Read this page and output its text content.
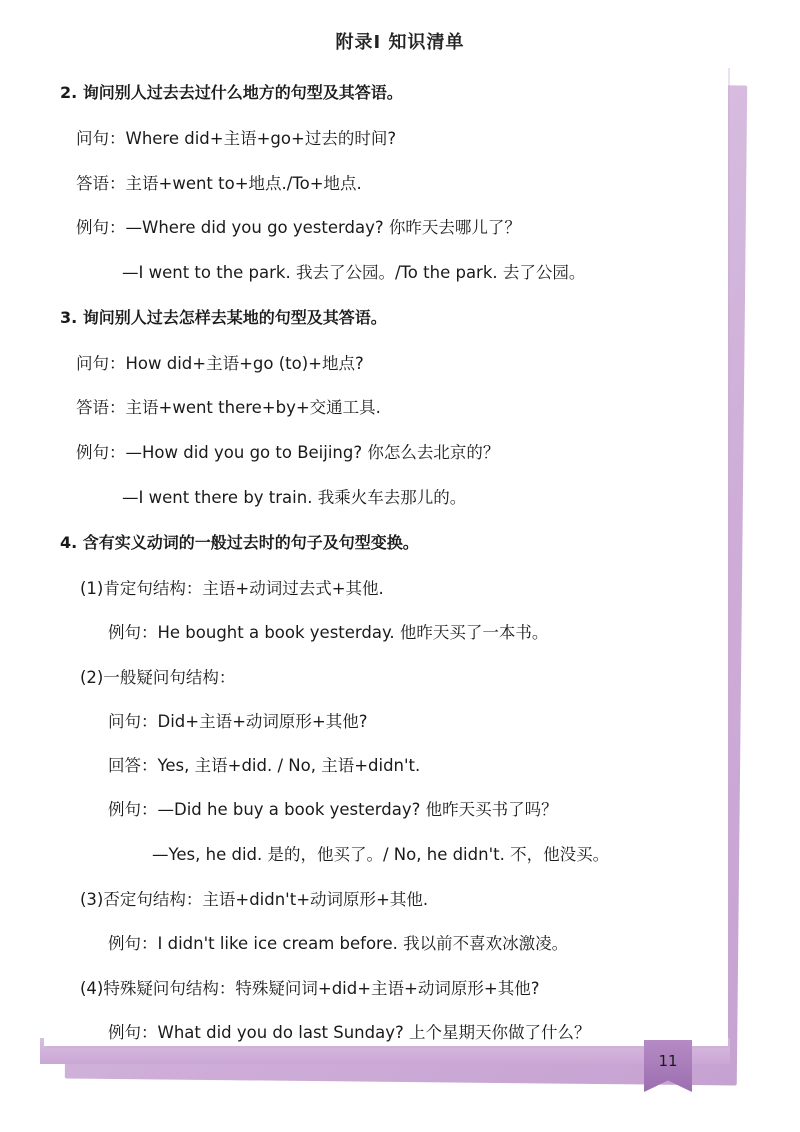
附录Ⅰ 知识清单
2. 询问别人过去去过什么地方的句型及其答语。
问句：Where did+主语+go+过去的时间?
答语：主语+went to+地点./To+地点.
例句：—Where did you go yesterday? 你昨天去哪儿了？
—I went to the park. 我去了公园。/To the park. 去了公园。
3. 询问别人过去怎样去某地的句型及其答语。
问句：How did+主语+go (to)+地点?
答语：主语+went there+by+交通工具.
例句：—How did you go to Beijing? 你怎么去北京的？
—I went there by train. 我乘火车去那儿的。
4. 含有实义动词的一般过去时的句子及句型变换。
(1)肯定句结构：主语+动词过去式+其他.
例句：He bought a book yesterday. 他昨天买了一本书。
(2)一般疑问句结构：
问句：Did+主语+动词原形+其他?
回答：Yes, 主语+did. / No, 主语+didn't.
例句：—Did he buy a book yesterday? 他昨天买书了吗？
—Yes, he did. 是的，他买了。/ No, he didn't. 不，他没买。
(3)否定句结构：主语+didn't+动词原形+其他.
例句：I didn't like ice cream before. 我以前不喜欢冰激凌。
(4)特殊疑问句结构：特殊疑问词+did+主语+动词原形+其他?
例句：What did you do last Sunday? 上个星期天你做了什么？
11
